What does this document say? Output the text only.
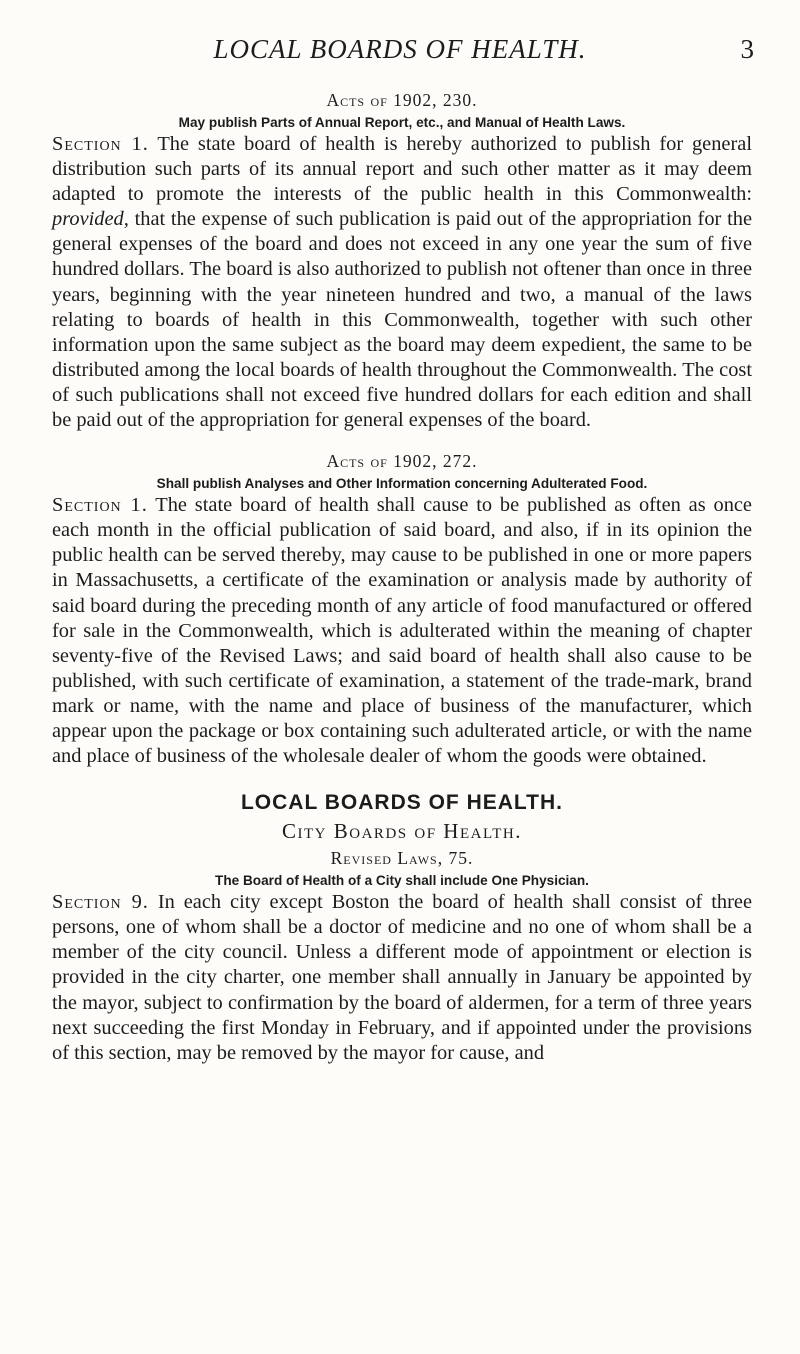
LOCAL BOARDS OF HEALTH.	3
Acts of 1902, 230.
May publish Parts of Annual Report, etc., and Manual of Health Laws.

Section 1. The state board of health is hereby authorized to publish for general distribution such parts of its annual report and such other matter as it may deem adapted to promote the interests of the public health in this Commonwealth: provided, that the expense of such publication is paid out of the appropriation for the general expenses of the board and does not exceed in any one year the sum of five hundred dollars. The board is also authorized to publish not oftener than once in three years, beginning with the year nineteen hundred and two, a manual of the laws relating to boards of health in this Commonwealth, together with such other information upon the same subject as the board may deem expedient, the same to be distributed among the local boards of health throughout the Commonwealth. The cost of such publications shall not exceed five hundred dollars for each edition and shall be paid out of the appropriation for general expenses of the board.

Acts of 1902, 272.
Shall publish Analyses and Other Information concerning Adulterated Food.

Section 1. The state board of health shall cause to be published as often as once each month in the official publication of said board, and also, if in its opinion the public health can be served thereby, may cause to be published in one or more papers in Massachusetts, a certificate of the examination or analysis made by authority of said board during the preceding month of any article of food manufactured or offered for sale in the Commonwealth, which is adulterated within the meaning of chapter seventy-five of the Revised Laws; and said board of health shall also cause to be published, with such certificate of examination, a statement of the trade-mark, brand mark or name, with the name and place of business of the manufacturer, which appear upon the package or box containing such adulterated article, or with the name and place of business of the wholesale dealer of whom the goods were obtained.

LOCAL BOARDS OF HEALTH.
City Boards of Health.
Revised Laws, 75.
The Board of Health of a City shall include One Physician.

Section 9. In each city except Boston the board of health shall consist of three persons, one of whom shall be a doctor of medicine and no one of whom shall be a member of the city council. Unless a different mode of appointment or election is provided in the city charter, one member shall annually in January be appointed by the mayor, subject to confirmation by the board of aldermen, for a term of three years next succeeding the first Monday in February, and if appointed under the provisions of this section, may be removed by the mayor for cause, and
